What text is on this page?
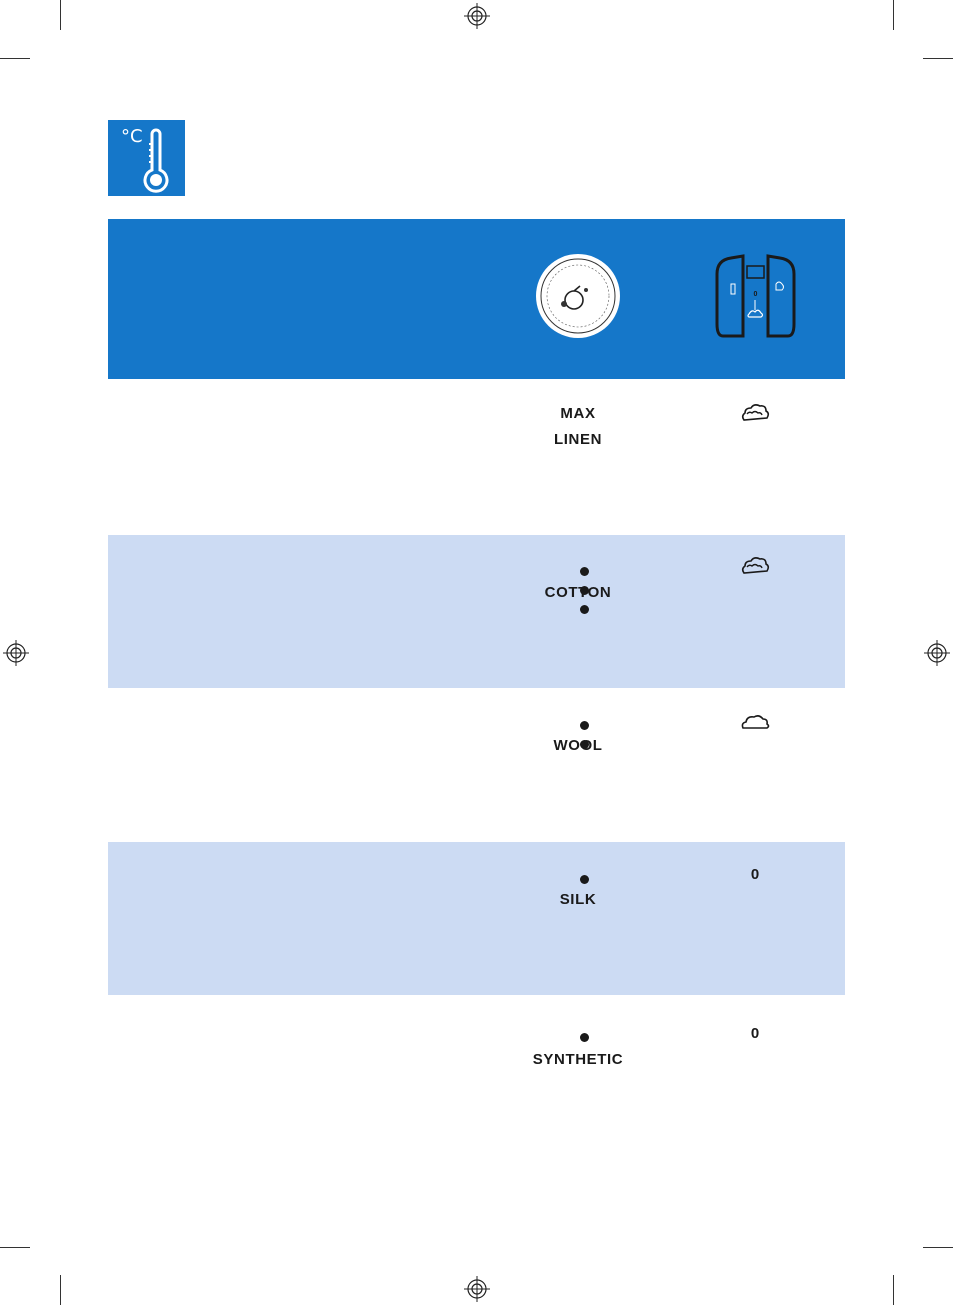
°C
0
MAX
LINEN
COTTON
WOOL
SILK
0
SYNTHETIC
0
